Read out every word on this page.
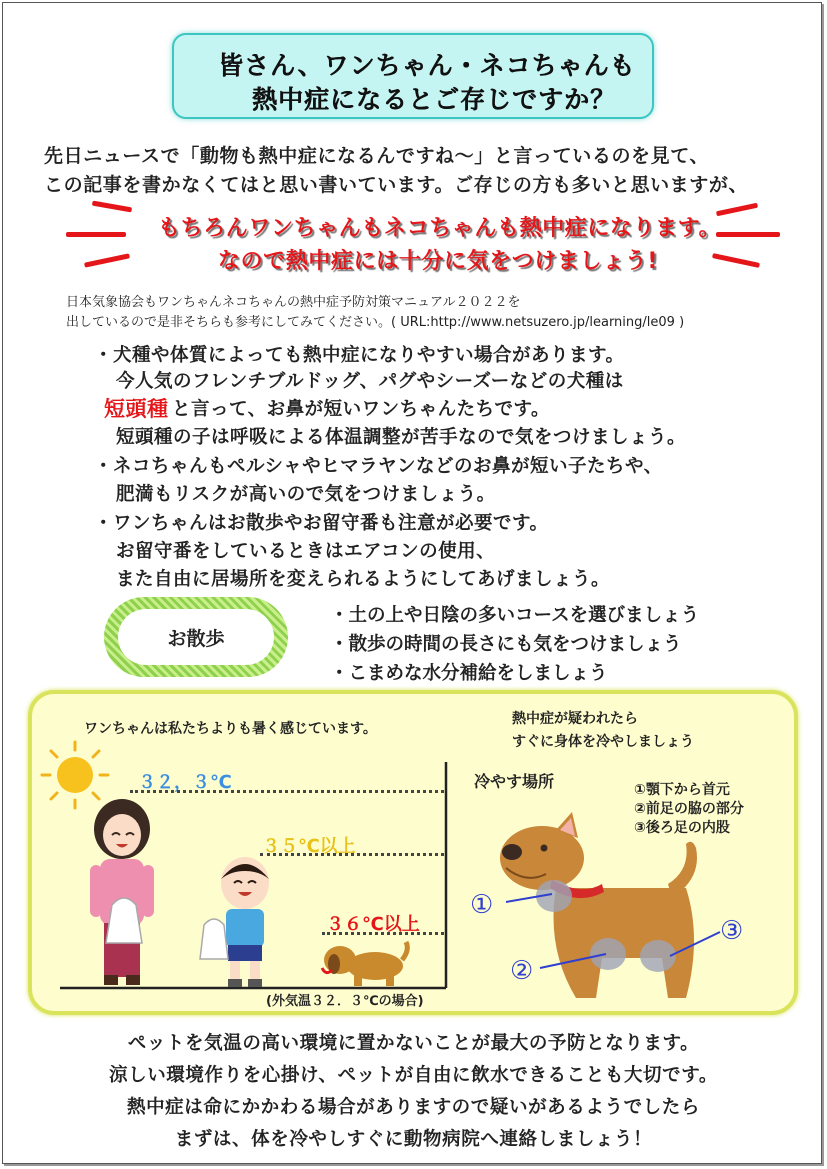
皆さん、ワンちゃん・ネコちゃんも
熱中症になるとご存じですか？
先日ニュースで「動物も熱中症になるんですね～」と言っているのを見て、
この記事を書かなくてはと思い書いています。ご存じの方も多いと思いますが、
もちろんワンちゃんもネコちゃんも熱中症になります。
なので熱中症には十分に気をつけましょう!
日本気象協会もワンちゃんネコちゃんの熱中症予防対策マニュアル２０２２を
出しているので是非そちらも参考にしてみてください。( URL:http://www.netsuzero.jp/learning/le09 )
・犬種や体質によっても熱中症になりやすい場合があります。
今人気のフレンチブルドッグ、パグやシーズーなどの犬種は
短頭種 と言って、お鼻が短いワンちゃんたちです。
短頭種の子は呼吸による体温調整が苦手なので気をつけましょう。
・ネコちゃんもペルシャやヒマラヤンなどのお鼻が短い子たちや、
肥満もリスクが高いので気をつけましょう。
・ワンちゃんはお散歩やお留守番も注意が必要です。
お留守番をしているときはエアコンの使用、
また自由に居場所を変えられるようにしてあげましょう。
お散歩
・土の上や日陰の多いコースを選びましょう
・散歩の時間の長さにも気をつけましょう
・こまめな水分補給をしましょう
ワンちゃんは私たちよりも暑く感じています。
３２，３℃
３５℃以上
３６℃以上
(外気温３２．３℃の場合)
熱中症が疑われたら
すぐに身体を冷やしましょう
冷やす場所	①顎下から首元
②前足の脇の部分
③後ろ足の内股
①
②
③
ペットを気温の高い環境に置かないことが最大の予防となります。
涼しい環境作りを心掛け、ペットが自由に飲水できることも大切です。
熱中症は命にかかわる場合がありますので疑いがあるようでしたら
まずは、体を冷やしすぐに動物病院へ連絡しましょう！
